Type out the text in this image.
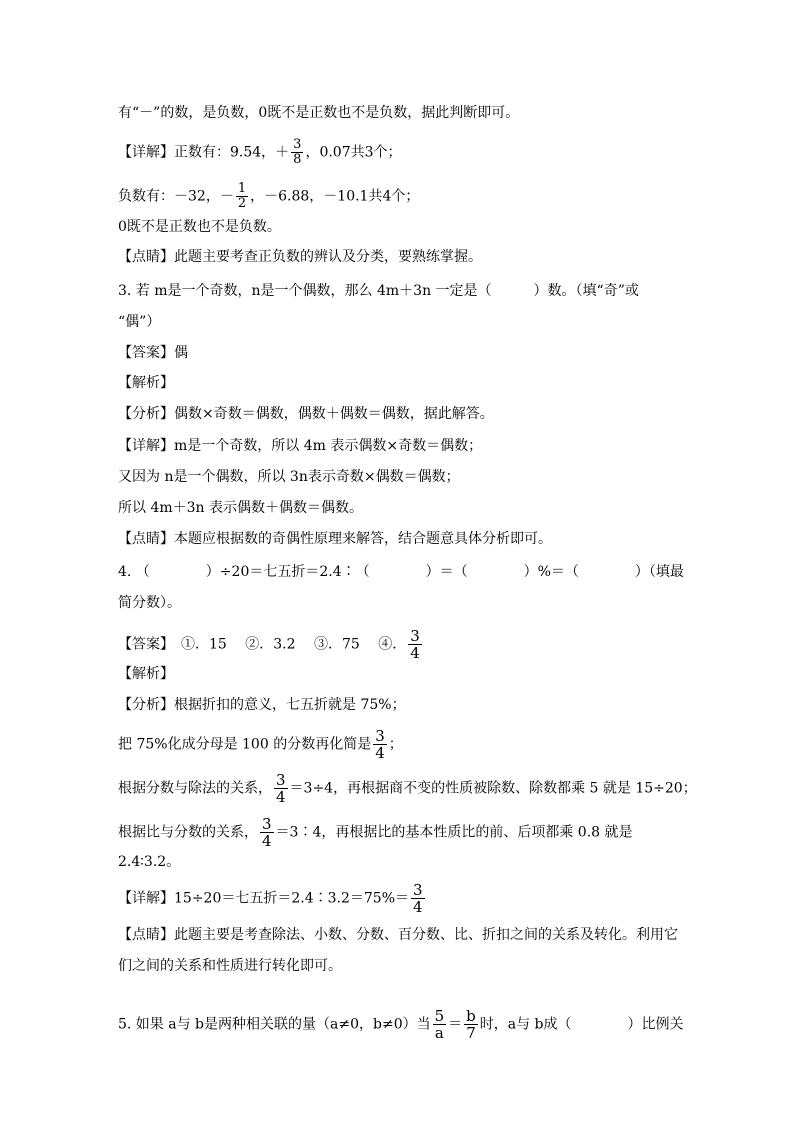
有“－”的数，是负数，0既不是正数也不是负数，据此判断即可。
【详解】正数有：9.54，＋ $\frac{3}{8}$ ，0.07共3个；
负数有：－32，－ $\frac{1}{2}$ ，－6.88，－10.1共4个；
0既不是正数也不是负数。
【点睛】此题主要考查正负数的辨认及分类，要熟练掌握。
3. 若 m是一个奇数，n是一个偶数，那么 4m＋3n 一定是（　　　）数。（填“奇”或
“偶”）
【答案】偶
【解析】
【分析】偶数×奇数＝偶数，偶数＋偶数＝偶数，据此解答。
【详解】m是一个奇数，所以 4m 表示偶数×奇数＝偶数；
又因为 n是一个偶数，所以 3n表示奇数×偶数＝偶数；
所以 4m＋3n 表示偶数＋偶数＝偶数。
【点睛】本题应根据数的奇偶性原理来解答，结合题意具体分析即可。
4. （　　　　）÷20＝七五折＝2.4∶（　　　　）＝（　　　　）%＝（　　　　）（填最
简分数）。
【答案】　①．15　 ②．3.2　 ③．75　 ④． $\frac{3}{4}$
【解析】
【分析】根据折扣的意义，七五折就是 75%；
把 75%化成分母是 100 的分数再化简是 $\frac{3}{4}$ ；
根据分数与除法的关系， $\frac{3}{4} =3\div 4$，再根据商不变的性质被除数、除数都乘 5 就是 15÷20；
根据比与分数的关系， $\frac{3}{4}$ ＝3∶4，再根据比的基本性质比的前、后项都乘 0.8 就是
2.4∶3.2。
【详解】15÷20＝七五折＝2.4∶3.2＝75%＝ $\frac{3}{4}$
【点睛】此题主要是考查除法、小数、分数、百分数、比、折扣之间的关系及转化。利用它
们之间的关系和性质进行转化即可。
5. 如果 a与 b是两种相关联的量（a≠0，b≠0）当 $\frac{5}{a} = \frac{b}{7}$ 时，a与 b成（　　　　）比例关
